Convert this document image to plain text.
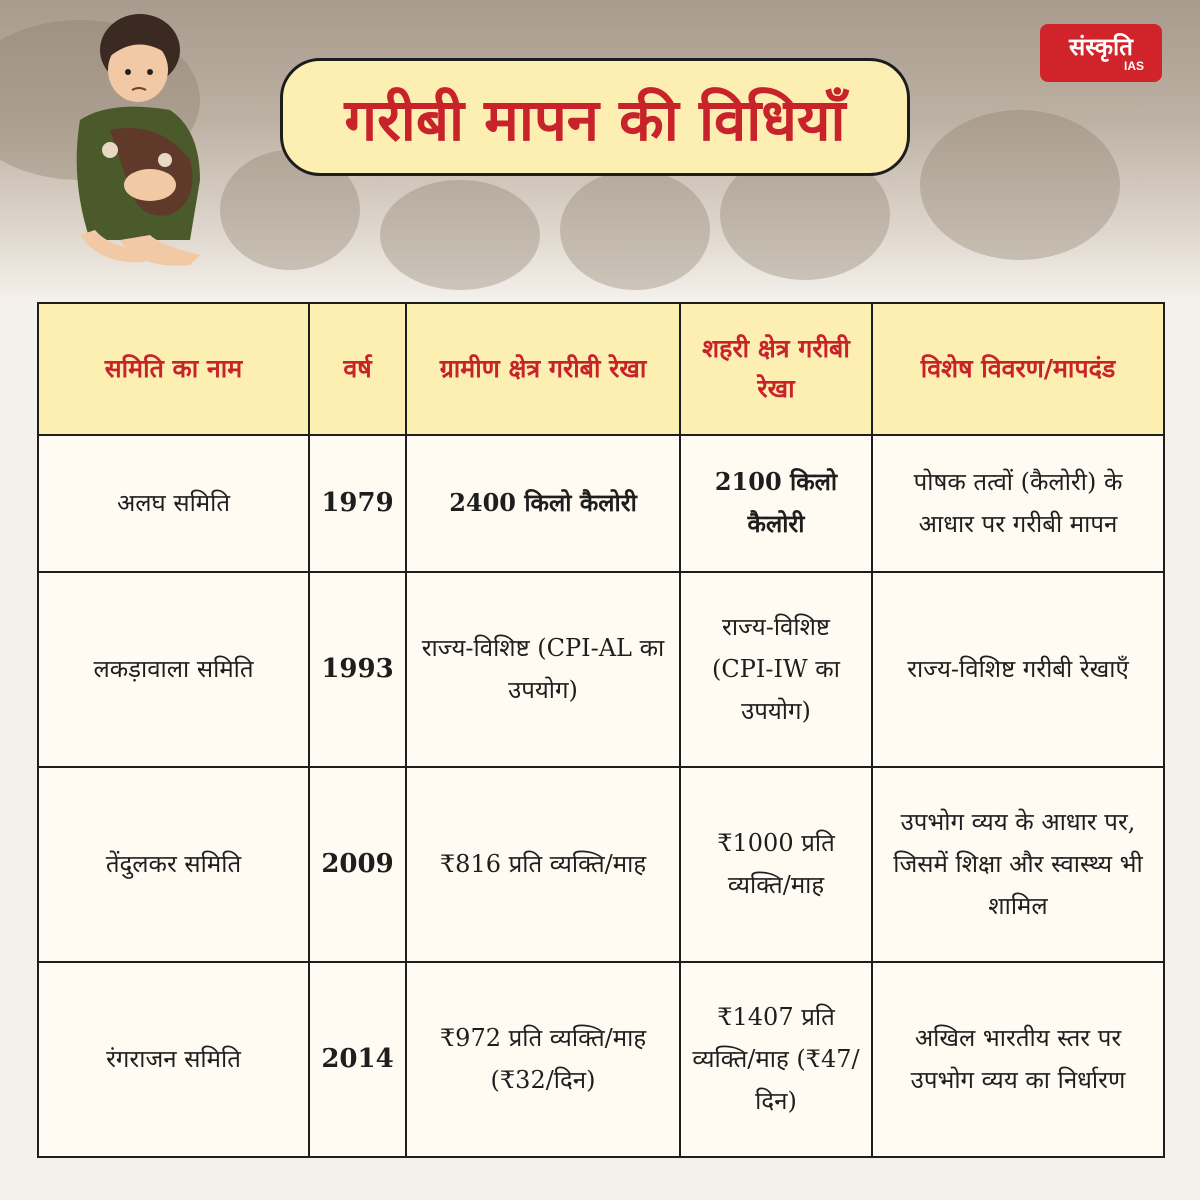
संस्कृति
IAS
गरीबी मापन की विधियाँ
समिति का नाम	वर्ष	ग्रामीण क्षेत्र गरीबी रेखा	शहरी क्षेत्र गरीबी रेखा	विशेष विवरण/मापदंड
अलघ समिति	1979	2400 किलो कैलोरी	2100 किलो कैलोरी	पोषक तत्वों (कैलोरी) के आधार पर गरीबी मापन
लकड़ावाला समिति	1993	राज्य-विशिष्ट (CPI-AL का उपयोग)	राज्य-विशिष्ट (CPI-IW का उपयोग)	राज्य-विशिष्ट गरीबी रेखाएँ
तेंदुलकर समिति	2009	₹816 प्रति व्यक्ति/माह	₹1000 प्रति व्यक्ति/माह	उपभोग व्यय के आधार पर, जिसमें शिक्षा और स्वास्थ्य भी शामिल
रंगराजन समिति	2014	₹972 प्रति व्यक्ति/माह (₹32/दिन)	₹1407 प्रति व्यक्ति/माह (₹47/दिन)	अखिल भारतीय स्तर पर उपभोग व्यय का निर्धारण
